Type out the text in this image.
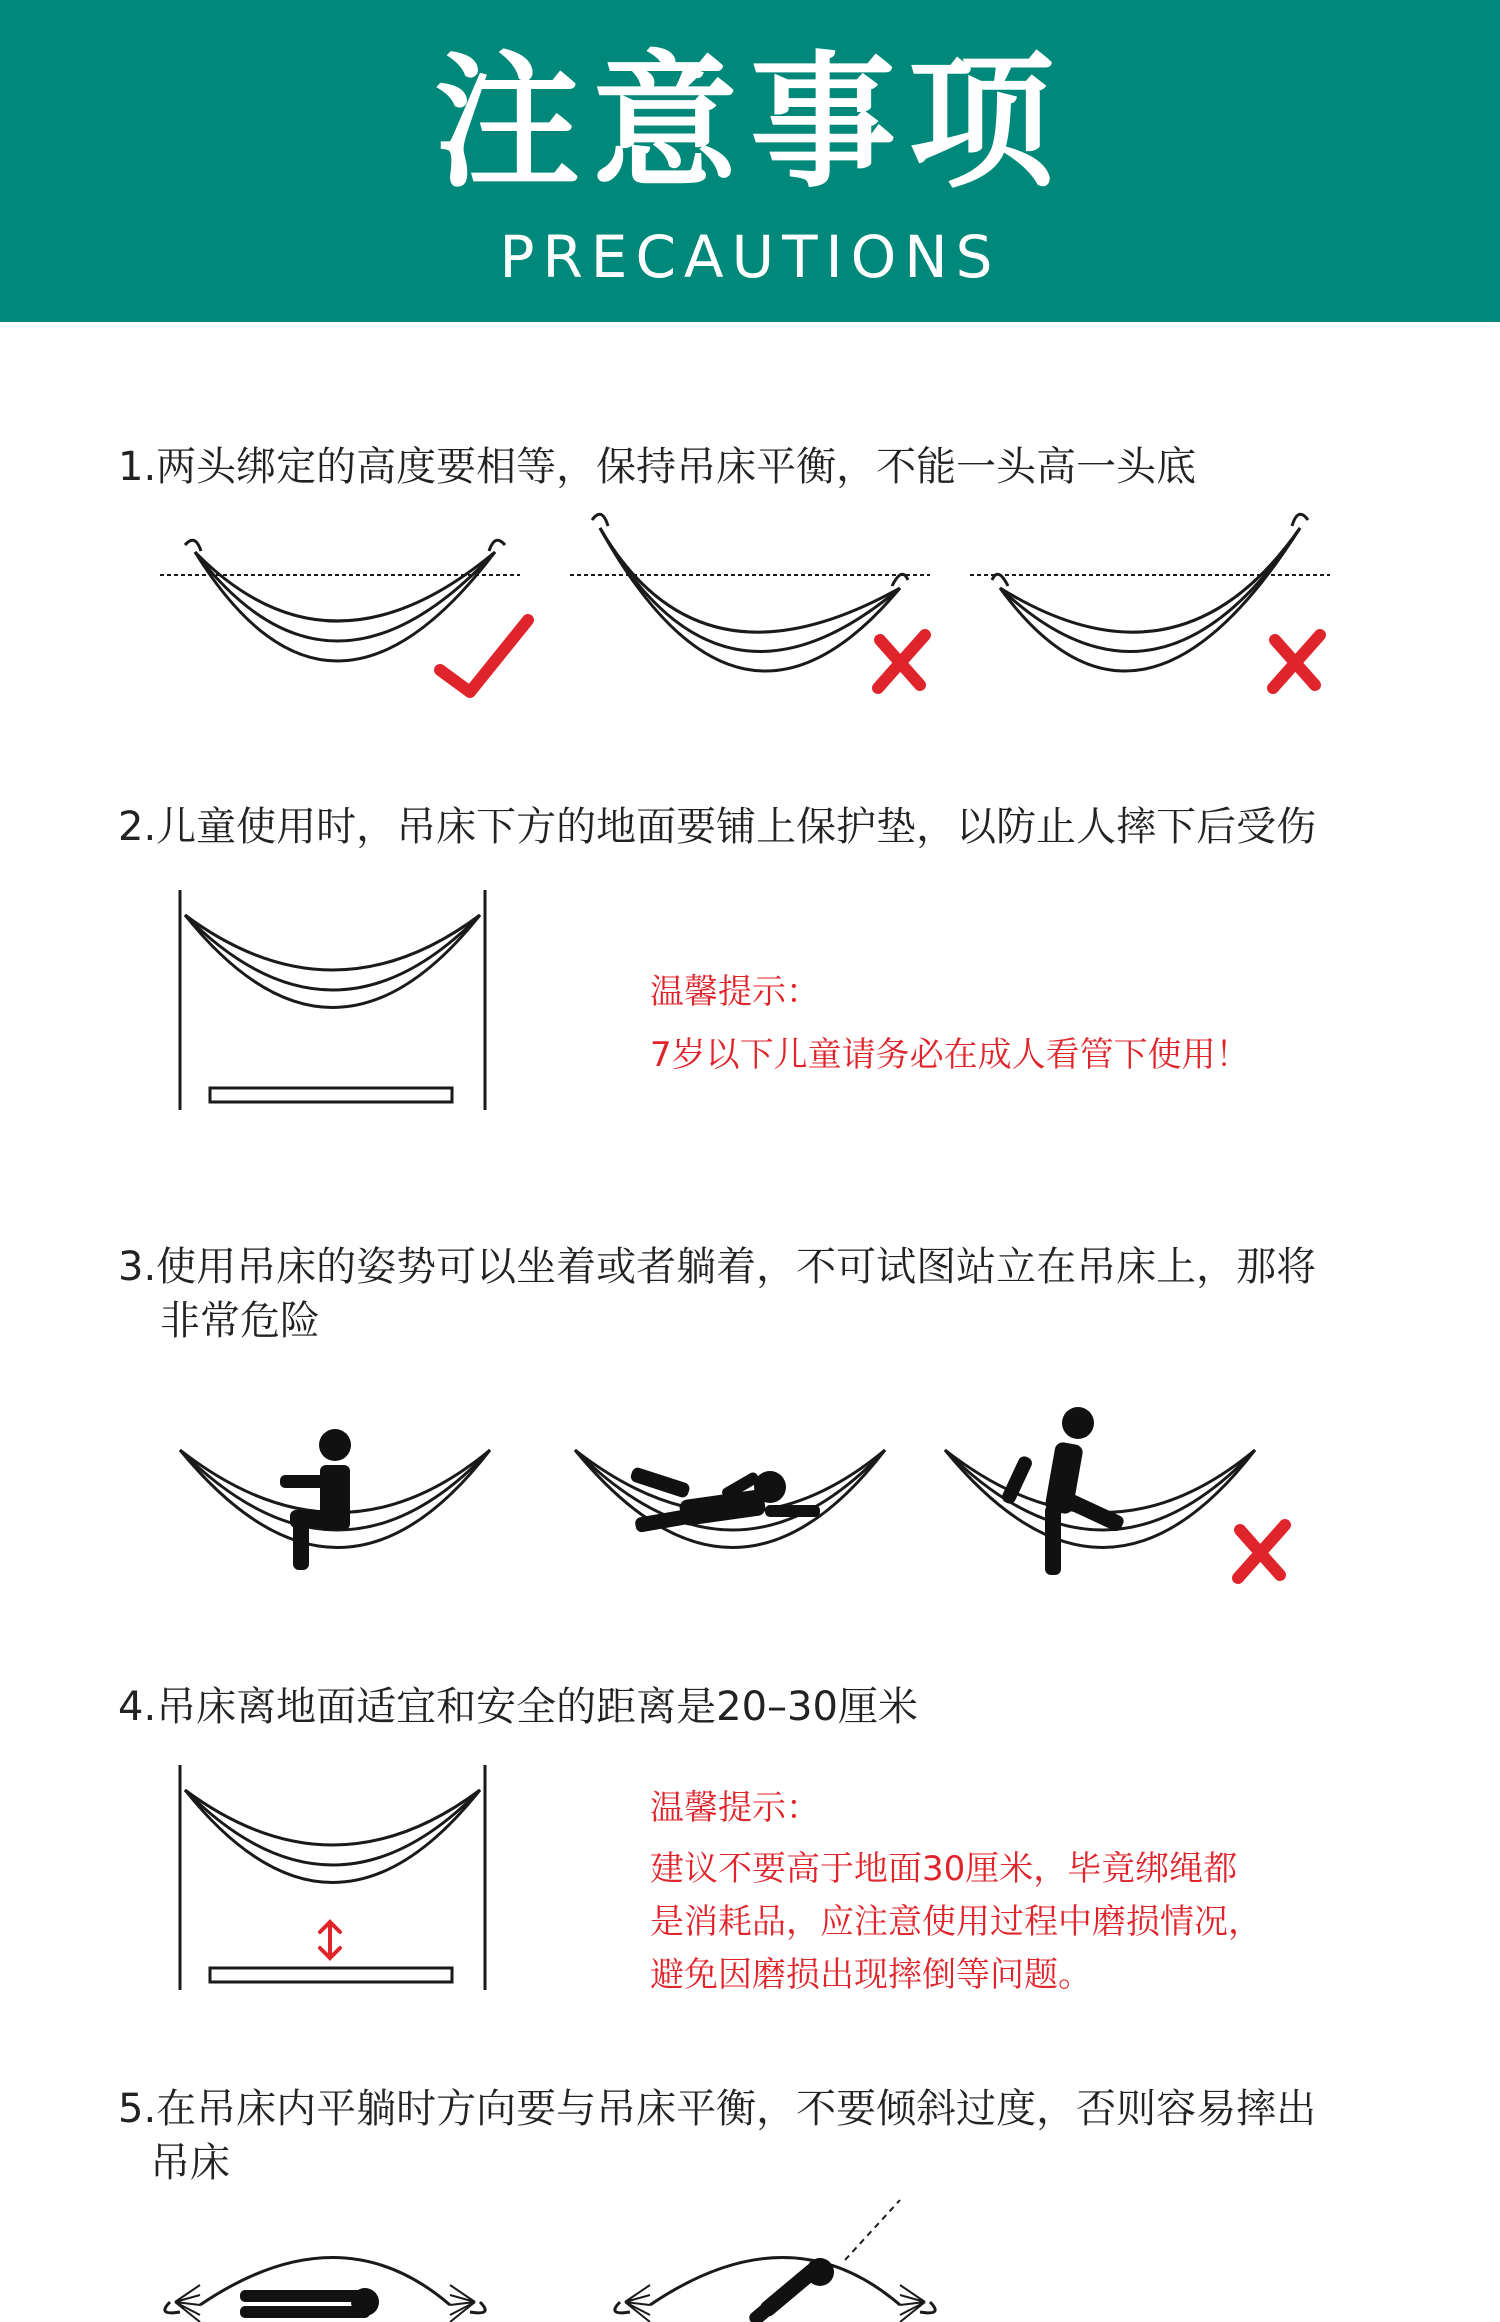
注意事项
PRECAUTIONS

1.两头绑定的高度要相等，保持吊床平衡，不能一头高一头底

2.儿童使用时，吊床下方的地面要铺上保护垫，以防止人摔下后受伤

温馨提示：

7岁以下儿童请务必在成人看管下使用！

3.使用吊床的姿势可以坐着或者躺着，不可试图站立在吊床上，那将

非常危险

4.吊床离地面适宜和安全的距离是20–30厘米

温馨提示：

建议不要高于地面30厘米，毕竟绑绳都

是消耗品，应注意使用过程中磨损情况，

避免因磨损出现摔倒等问题。

5.在吊床内平躺时方向要与吊床平衡，不要倾斜过度，否则容易摔出

吊床
